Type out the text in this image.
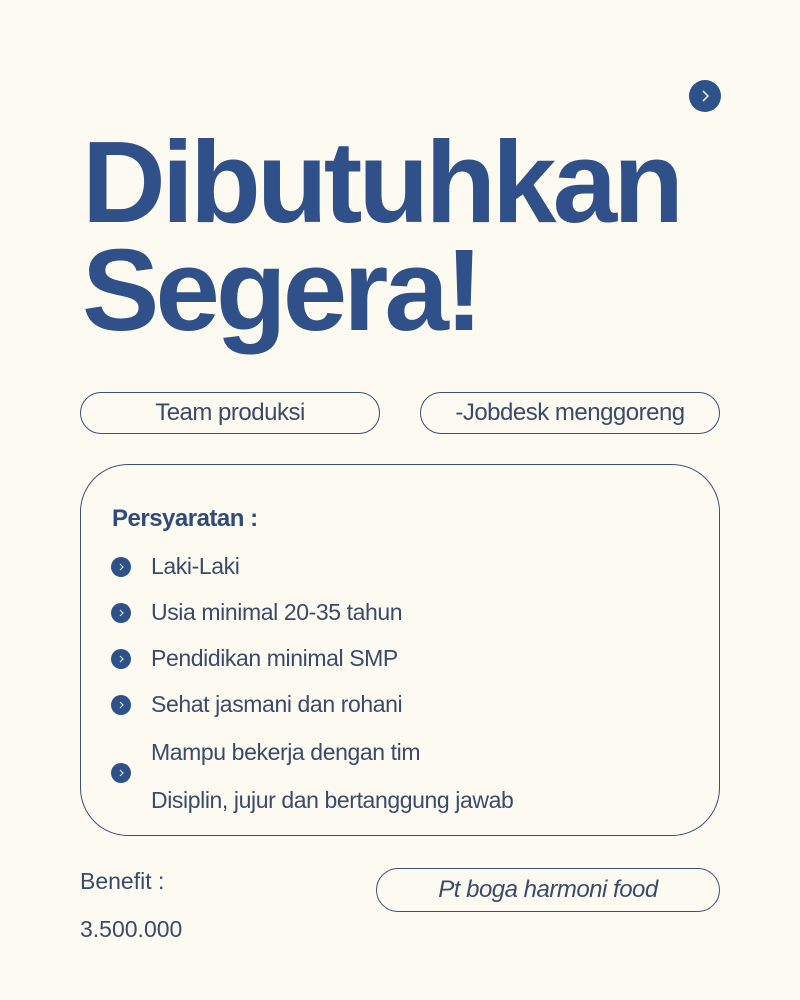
Dibutuhkan
Segera!
Team produksi	-Jobdesk menggoreng
Persyaratan :
Laki-Laki
Usia minimal 20-35 tahun
Pendidikan minimal SMP
Sehat jasmani dan rohani
Mampu bekerja dengan tim
Disiplin, jujur dan bertanggung jawab
Benefit :
3.500.000
Pt boga harmoni food
